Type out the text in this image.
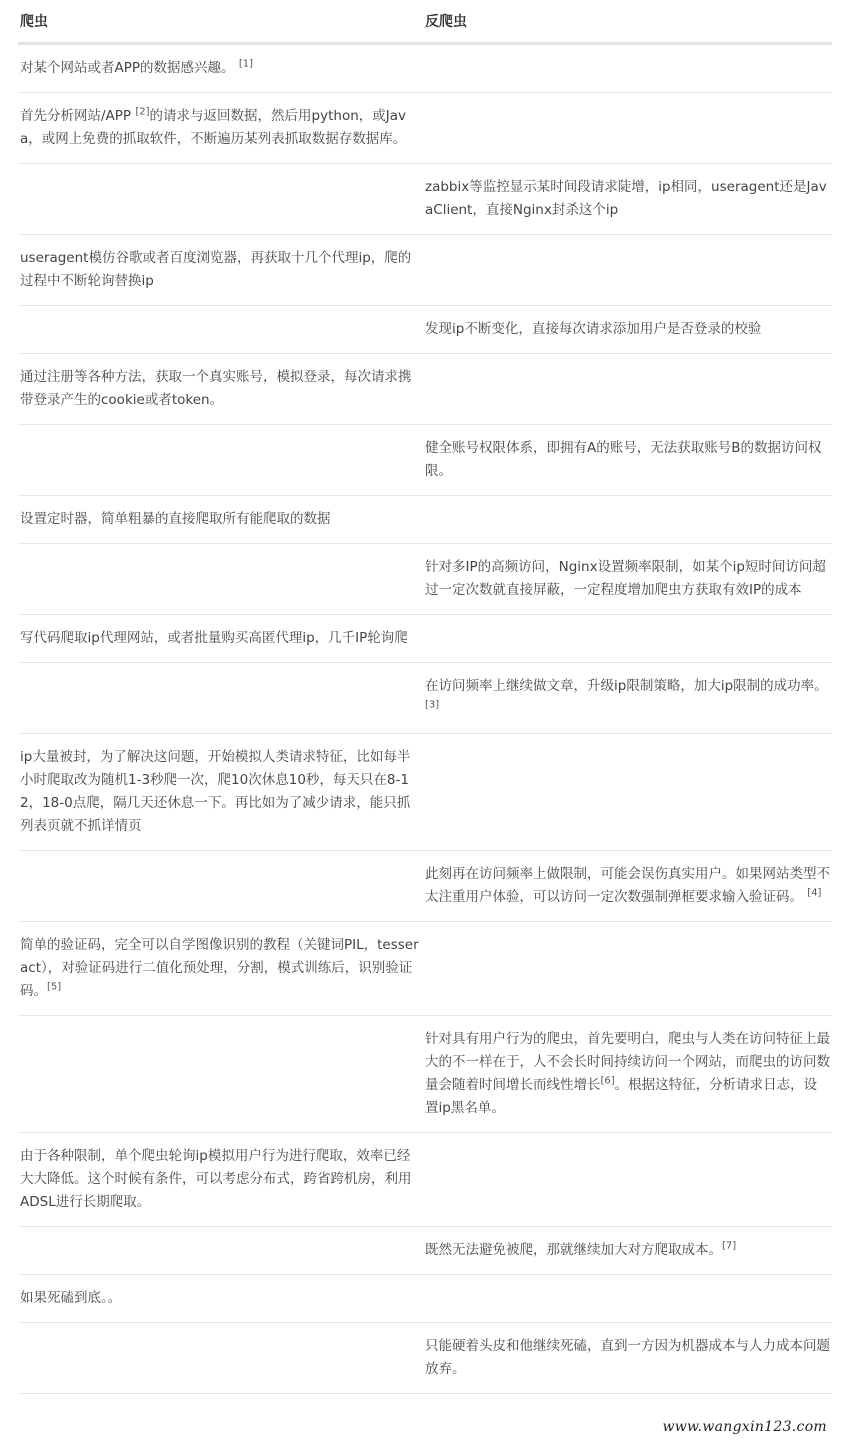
爬虫	反爬虫
对某个网站或者APP的数据感兴趣。 [1]	
首先分析网站/APP [2]的请求与返回数据，然后用python，或Java，或网上免费的抓取软件，不断遍历某列表抓取数据存数据库。	
	zabbix等监控显示某时间段请求陡增，ip相同，useragent还是JavaClient，直接Nginx封杀这个ip
useragent模仿谷歌或者百度浏览器，再获取十几个代理ip，爬的过程中不断轮询替换ip	
	发现ip不断变化，直接每次请求添加用户是否登录的校验
通过注册等各种方法，获取一个真实账号，模拟登录，每次请求携带登录产生的cookie或者token。	
	健全账号权限体系，即拥有A的账号，无法获取账号B的数据访问权限。
设置定时器，简单粗暴的直接爬取所有能爬取的数据	
	针对多IP的高频访问，Nginx设置频率限制，如某个ip短时间访问超过一定次数就直接屏蔽，一定程度增加爬虫方获取有效IP的成本
写代码爬取ip代理网站，或者批量购买高匿代理ip，几千IP轮询爬	
	在访问频率上继续做文章，升级ip限制策略，加大ip限制的成功率。 [3]
ip大量被封，为了解决这问题，开始模拟人类请求特征，比如每半小时爬取改为随机1-3秒爬一次，爬10次休息10秒，每天只在8-12，18-0点爬，隔几天还休息一下。再比如为了减少请求，能只抓列表页就不抓详情页	
	此刻再在访问频率上做限制，可能会误伤真实用户。如果网站类型不太注重用户体验，可以访问一定次数强制弹框要求输入验证码。 [4]
简单的验证码，完全可以自学图像识别的教程（关键词PIL，tesseract），对验证码进行二值化预处理，分割，模式训练后，识别验证码。[5]	
	针对具有用户行为的爬虫，首先要明白，爬虫与人类在访问特征上最大的不一样在于，人不会长时间持续访问一个网站，而爬虫的访问数量会随着时间增长而线性增长[6]。根据这特征，分析请求日志，设置ip黑名单。
由于各种限制，单个爬虫轮询ip模拟用户行为进行爬取，效率已经大大降低。这个时候有条件，可以考虑分布式，跨省跨机房，利用ADSL进行长期爬取。	
	既然无法避免被爬，那就继续加大对方爬取成本。[7]
如果死磕到底。。	
	只能硬着头皮和他继续死磕，直到一方因为机器成本与人力成本问题放弃。
www.wangxin123.com
